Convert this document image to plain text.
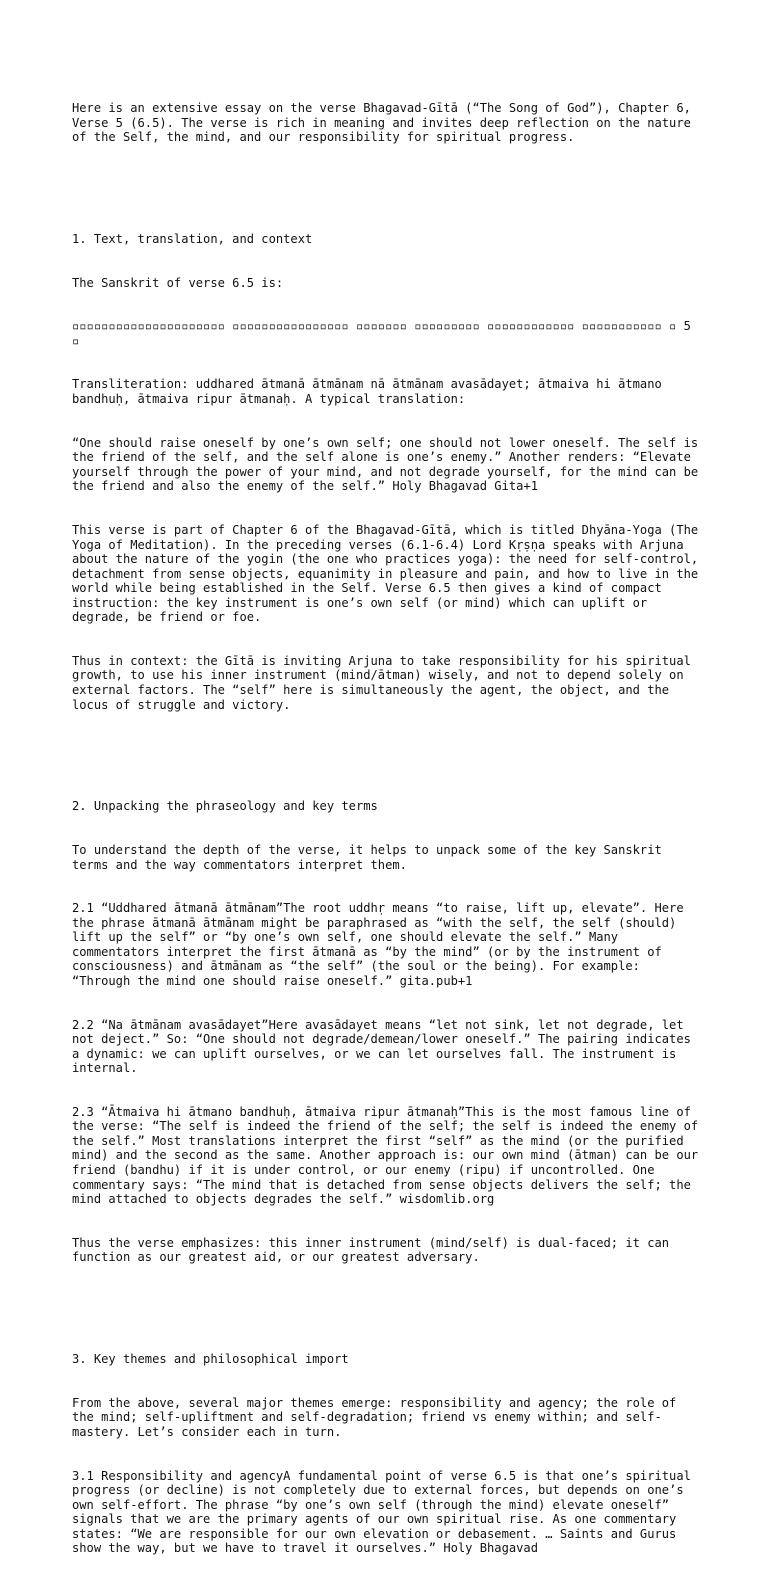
Here is an extensive essay on the verse Bhagavad-Gītā (“The Song of God”), Chapter 6, Verse 5 (6.5). The verse is rich in meaning and invites deep reflection on the nature of the Self, the mind, and our responsibility for spiritual progress.

1. Text, translation, and context

The Sanskrit of verse 6.5 is:

▫▫▫▫▫▫▫▫▫▫▫▫▫▫▫▫▫▫▫▫▫ ▫▫▫▫▫▫▫▫▫▫▫▫▫▫▫▫ ▫▫▫▫▫▫▫ ▫▫▫▫▫▫▫▫▫ ▫▫▫▫▫▫▫▫▫▫▫▫ ▫▫▫▫▫▫▫▫▫▫▫ ▫ 5 ▫

Transliteration: uddhared ātmanā ātmānam nā ātmānam avasādayet; ātmaiva hi ātmano bandhuḥ, ātmaiva ripur ātmanaḥ. A typical translation:

“One should raise oneself by one’s own self; one should not lower oneself. The self is the friend of the self, and the self alone is one’s enemy.” Another renders: “Elevate yourself through the power of your mind, and not degrade yourself, for the mind can be the friend and also the enemy of the self.” Holy Bhagavad Gita+1

This verse is part of Chapter 6 of the Bhagavad-Gītā, which is titled Dhyāna-Yoga (The Yoga of Meditation). In the preceding verses (6.1-6.4) Lord Kṛṣṇa speaks with Arjuna about the nature of the yogin (the one who practices yoga): the need for self-control, detachment from sense objects, equanimity in pleasure and pain, and how to live in the world while being established in the Self. Verse 6.5 then gives a kind of compact instruction: the key instrument is one’s own self (or mind) which can uplift or degrade, be friend or foe.

Thus in context: the Gītā is inviting Arjuna to take responsibility for his spiritual growth, to use his inner instrument (mind/ātman) wisely, and not to depend solely on external factors. The “self” here is simultaneously the agent, the object, and the locus of struggle and victory.

2. Unpacking the phraseology and key terms

To understand the depth of the verse, it helps to unpack some of the key Sanskrit terms and the way commentators interpret them.

2.1 “Uddhared ātmanā ātmānam”The root uddhṛ means “to raise, lift up, elevate”. Here the phrase ātmanā ātmānam might be paraphrased as “with the self, the self (should) lift up the self” or “by one’s own self, one should elevate the self.” Many commentators interpret the first ātmanā as “by the mind” (or by the instrument of consciousness) and ātmānam as “the self” (the soul or the being). For example: “Through the mind one should raise oneself.” gita.pub+1

2.2 “Na ātmānam avasādayet”Here avasādayet means “let not sink, let not degrade, let not deject.” So: “One should not degrade/demean/lower oneself.” The pairing indicates a dynamic: we can uplift ourselves, or we can let ourselves fall. The instrument is internal.

2.3 “Ātmaiva hi ātmano bandhuḥ, ātmaiva ripur ātmanaḥ”This is the most famous line of the verse: “The self is indeed the friend of the self; the self is indeed the enemy of the self.” Most translations interpret the first “self” as the mind (or the purified mind) and the second as the same. Another approach is: our own mind (ātman) can be our friend (bandhu) if it is under control, or our enemy (ripu) if uncontrolled. One commentary says: “The mind that is detached from sense objects delivers the self; the mind attached to objects degrades the self.” wisdomlib.org

Thus the verse emphasizes: this inner instrument (mind/self) is dual-faced; it can function as our greatest aid, or our greatest adversary.

3. Key themes and philosophical import

From the above, several major themes emerge: responsibility and agency; the role of the mind; self-upliftment and self-degradation; friend vs enemy within; and self-mastery. Let’s consider each in turn.

3.1 Responsibility and agencyA fundamental point of verse 6.5 is that one’s spiritual progress (or decline) is not completely due to external forces, but depends on one’s own self-effort. The phrase “by one’s own self (through the mind) elevate oneself” signals that we are the primary agents of our own spiritual rise. As one commentary states: “We are responsible for our own elevation or debasement. … Saints and Gurus show the way, but we have to travel it ourselves.” Holy Bhagavad
